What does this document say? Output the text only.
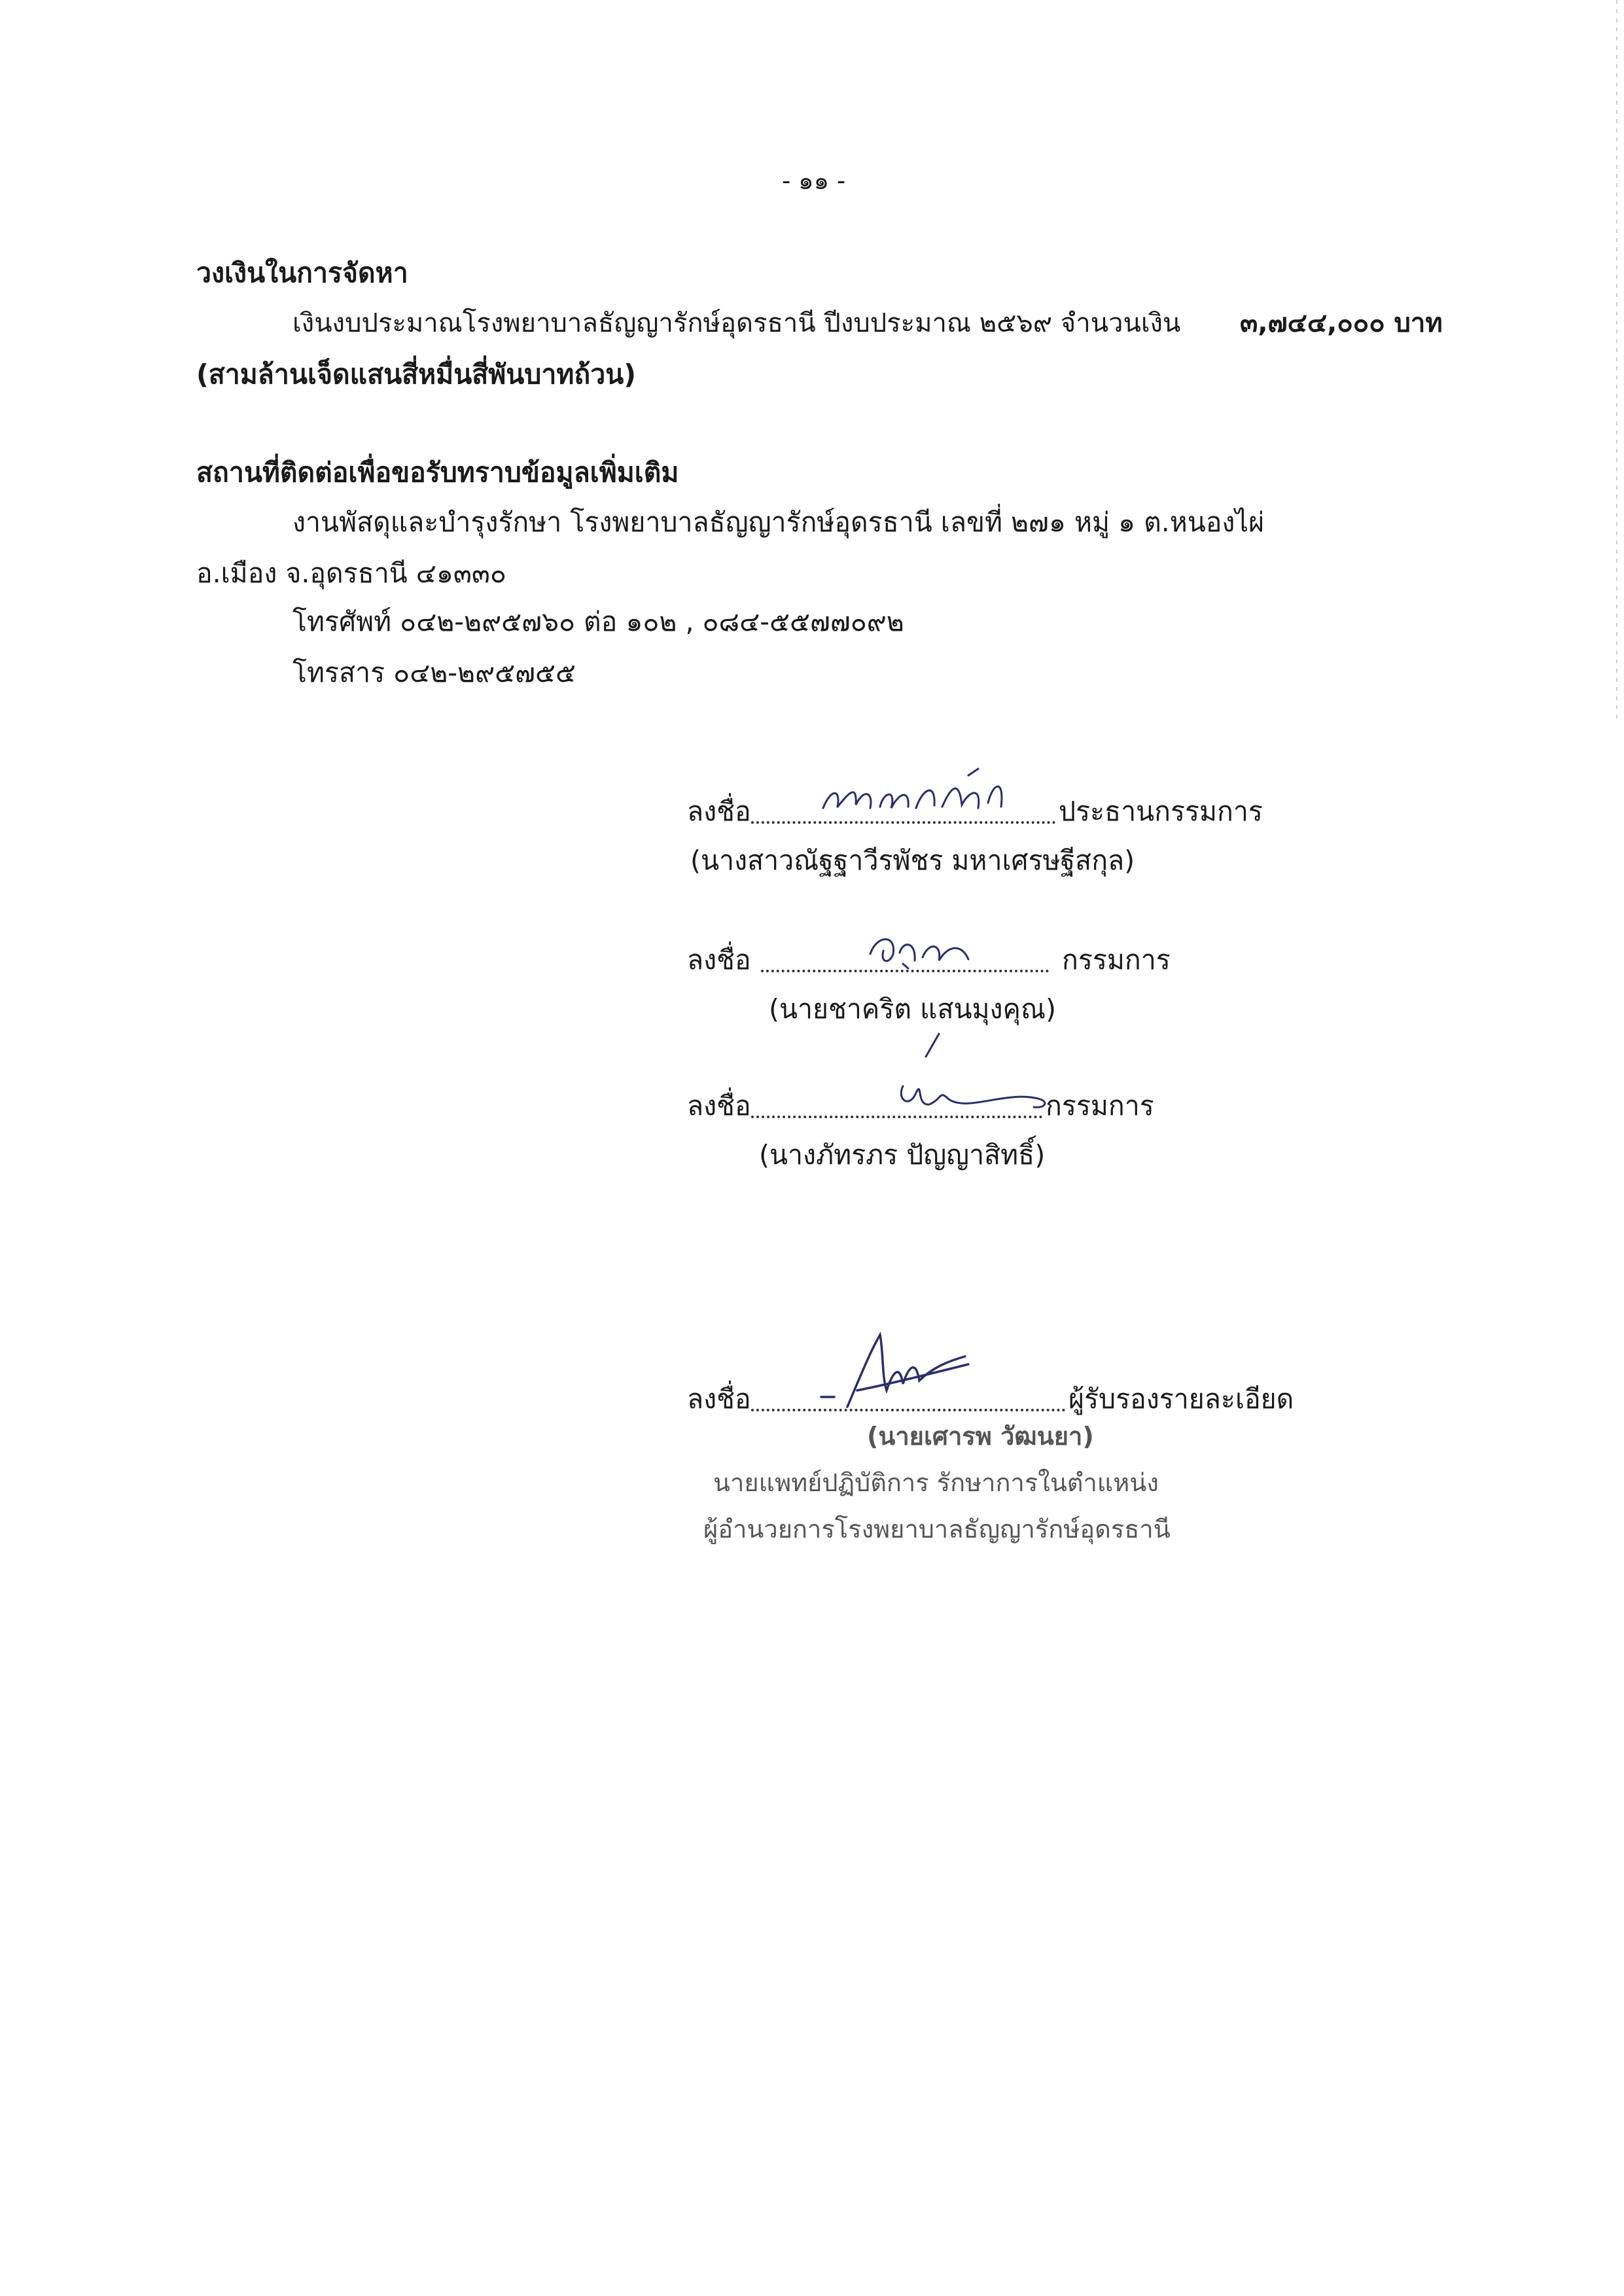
- ๑๑ -
วงเงินในการจัดหา
เงินงบประมาณโรงพยาบาลธัญญารักษ์อุดรธานี ปีงบประมาณ ๒๕๖๙ จำนวนเงิน ๓,๗๔๔,๐๐๐ บาท
(สามล้านเจ็ดแสนสี่หมื่นสี่พันบาทถ้วน)
สถานที่ติดต่อเพื่อขอรับทราบข้อมูลเพิ่มเติม
งานพัสดุและบำรุงรักษา โรงพยาบาลธัญญารักษ์อุดรธานี เลขที่ ๒๗๑ หมู่ ๑ ต.หนองไผ่
อ.เมือง จ.อุดรธานี ๔๑๓๓๐
โทรศัพท์ ๐๔๒-๒๙๕๗๖๐ ต่อ ๑๐๒ , ๐๘๔-๕๕๗๗๐๙๒
โทรสาร ๐๔๒-๒๙๕๗๕๕
ลงชื่อ	ประธานกรรมการ
(นางสาวณัฐฐาวีรพัชร มหาเศรษฐีสกุล)
ลงชื่อ	กรรมการ
(นายชาคริต แสนมุงคุณ)
ลงชื่อ	กรรมการ
(นางภัทรภร ปัญญาสิทธิ์)
ลงชื่อ	ผู้รับรองรายละเอียด
(นายเศารพ วัฒนยา)
นายแพทย์ปฏิบัติการ รักษาการในตำแหน่ง
ผู้อำนวยการโรงพยาบาลธัญญารักษ์อุดรธานี
